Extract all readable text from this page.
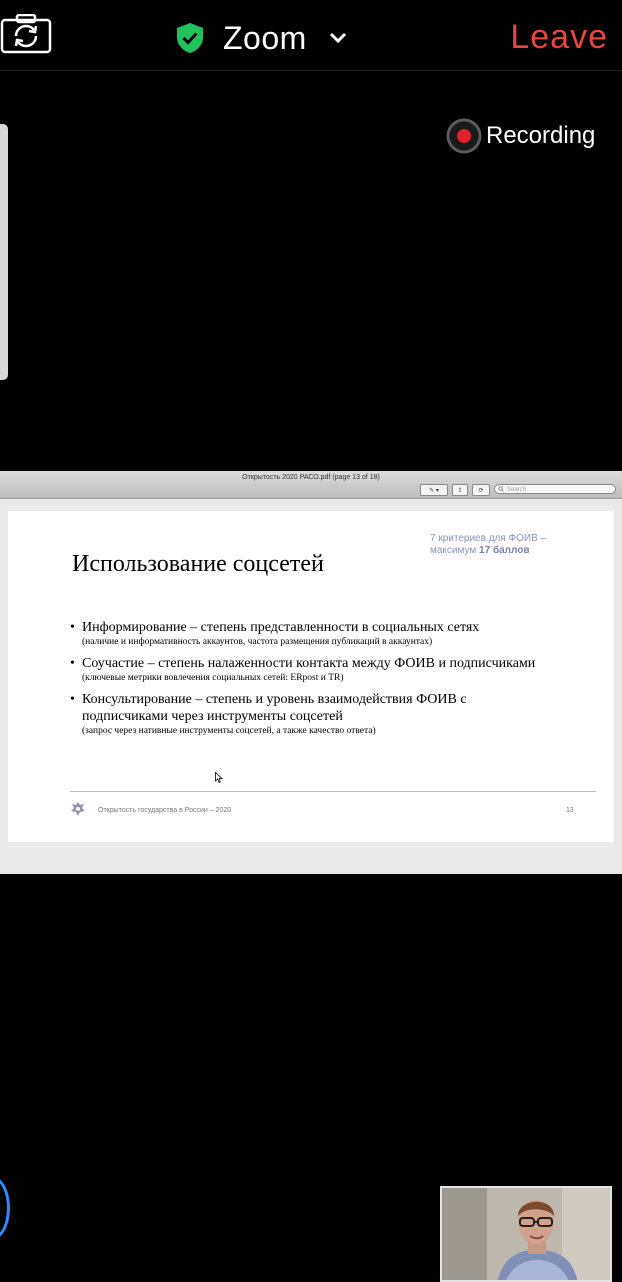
Zoom	Leave
Recording
Открытость 2020 РАСО.pdf (page 13 of 18)
✎ ▾	⇪	⟳	Search
7 критериев для ФОИВ –
максимум 17 баллов
Использование соцсетей
• Информирование – степень представленности в социальных сетях
(наличие и информативность аккаунтов, частота размещения публикаций в аккаунтах)
• Соучастие – степень налаженности контакта между ФОИВ и подписчиками
(ключевые метрики вовлечения социальных сетей: ERpost и TR)
• Консультирование – степень и уровень взаимодействия ФОИВ с
подписчиками через инструменты соцсетей
(запрос через нативные инструменты соцсетей, а также качество ответа)
Открытость государства в России – 2020	13
